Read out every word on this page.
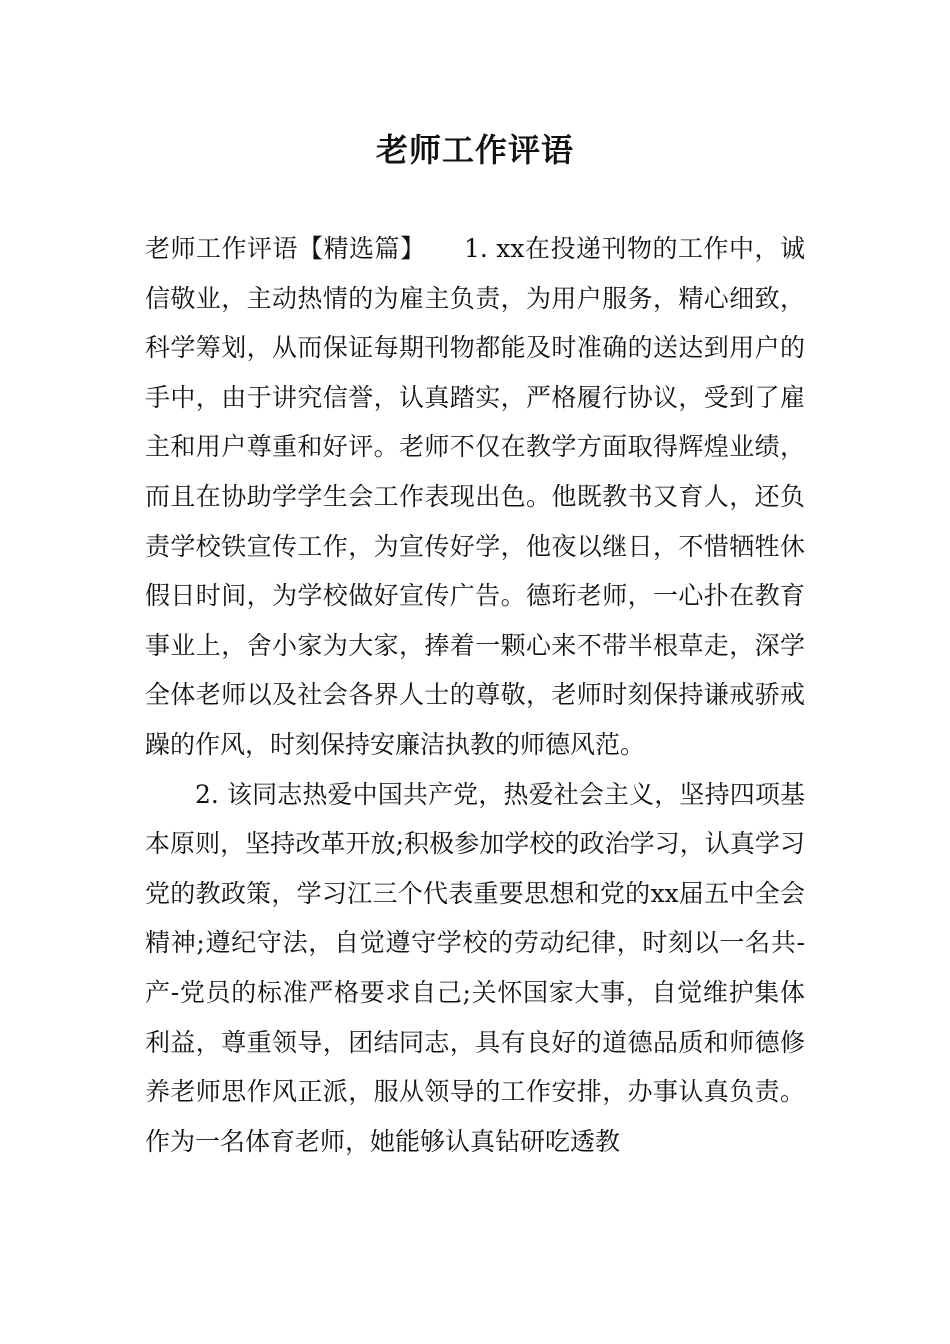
老师工作评语

老师工作评语【精选篇】　　1. xx在投递刊物的工作中，诚信敬业，主动热情的为雇主负责，为用户服务，精心细致，科学筹划，从而保证每期刊物都能及时准确的送达到用户的手中，由于讲究信誉，认真踏实，严格履行协议，受到了雇主和用户尊重和好评。老师不仅在教学方面取得辉煌业绩，而且在协助学学生会工作表现出色。他既教书又育人，还负责学校铁宣传工作，为宣传好学，他夜以继日，不惜牺牲休假日时间，为学校做好宣传广告。德珩老师，一心扑在教育事业上，舍小家为大家，捧着一颗心来不带半根草走，深学全体老师以及社会各界人士的尊敬，老师时刻保持谦戒骄戒躁的作风，时刻保持安廉洁执教的师德风范。

2. 该同志热爱中国共产党，热爱社会主义，坚持四项基本原则，坚持改革开放;积极参加学校的政治学习，认真学习党的教政策，学习江三个代表重要思想和党的xx届五中全会精神;遵纪守法，自觉遵守学校的劳动纪律，时刻以一名共-产-党员的标准严格要求自己;关怀国家大事，自觉维护集体利益，尊重领导，团结同志，具有良好的道德品质和师德修养老师思作风正派，服从领导的工作安排，办事认真负责。作为一名体育老师，她能够认真钻研吃透教
